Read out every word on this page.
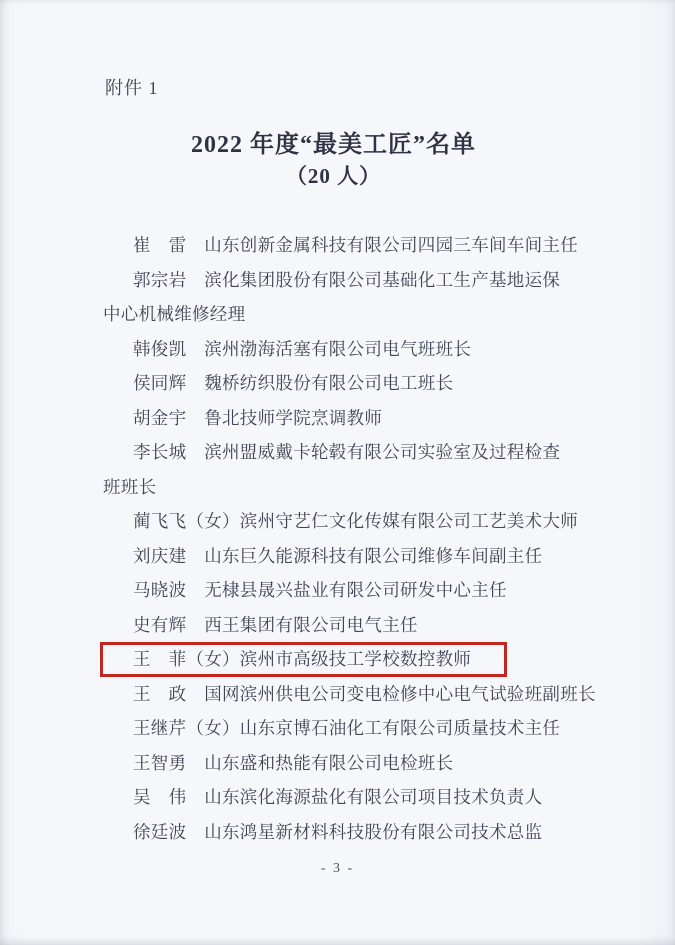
附件 1
2022 年度“最美工匠”名单
（20 人）
崔　雷　山东创新金属科技有限公司四园三车间车间主任
郭宗岩　滨化集团股份有限公司基础化工生产基地运保
中心机械维修经理
韩俊凯　滨州渤海活塞有限公司电气班班长
侯同辉　魏桥纺织股份有限公司电工班长
胡金宇　鲁北技师学院烹调教师
李长城　滨州盟威戴卡轮毂有限公司实验室及过程检查
班班长
蔺飞飞（女）滨州守艺仁文化传媒有限公司工艺美术大师
刘庆建　山东巨久能源科技有限公司维修车间副主任
马晓波　无棣县晟兴盐业有限公司研发中心主任
史有辉　西王集团有限公司电气主任
王　菲（女）滨州市高级技工学校数控教师
王　政　国网滨州供电公司变电检修中心电气试验班副班长
王继芹（女）山东京博石油化工有限公司质量技术主任
王智勇　山东盛和热能有限公司电检班长
吴　伟　山东滨化海源盐化有限公司项目技术负责人
徐廷波　山东鸿星新材料科技股份有限公司技术总监
- 3 -
